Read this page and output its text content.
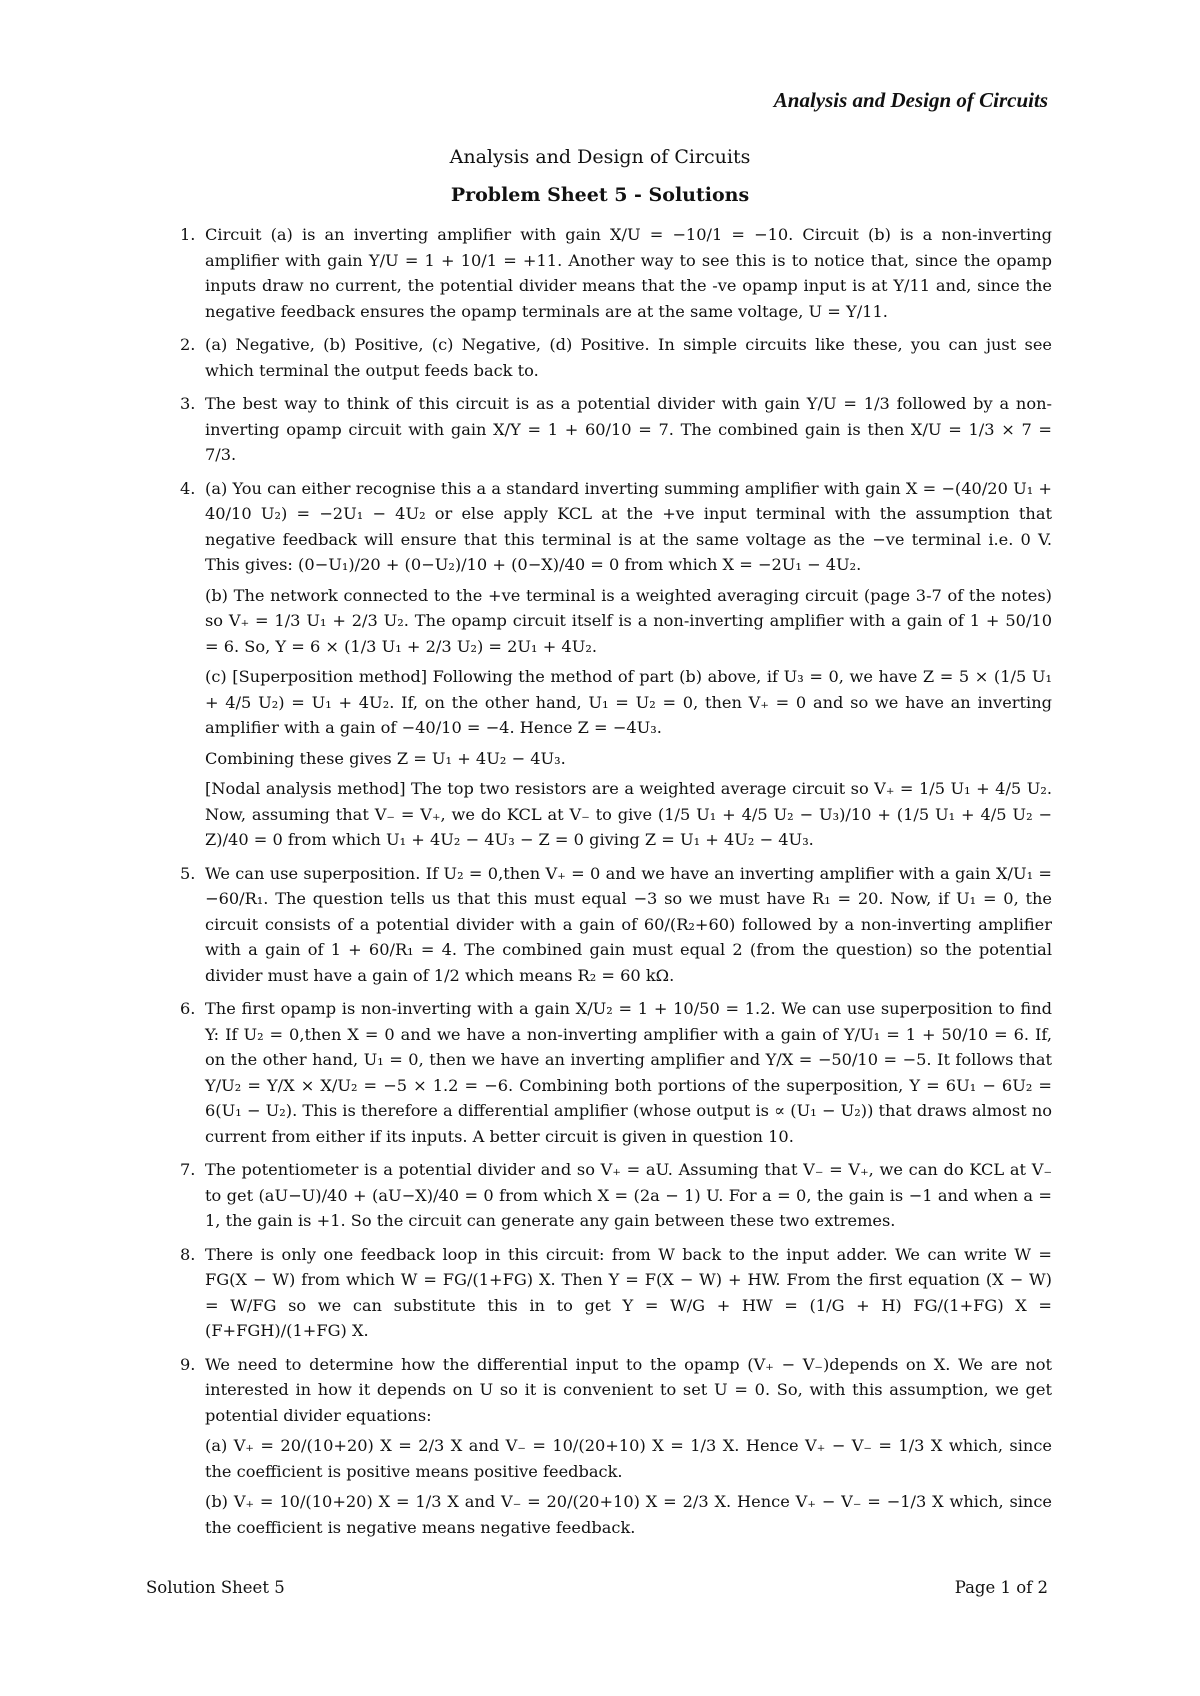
Analysis and Design of Circuits
Analysis and Design of Circuits
Problem Sheet 5 - Solutions
1. Circuit (a) is an inverting amplifier with gain X/U = −10/1 = −10. Circuit (b) is a non-inverting amplifier with gain Y/U = 1 + 10/1 = +11. Another way to see this is to notice that, since the opamp inputs draw no current, the potential divider means that the -ve opamp input is at Y/11 and, since the negative feedback ensures the opamp terminals are at the same voltage, U = Y/11.

2. (a) Negative, (b) Positive, (c) Negative, (d) Positive. In simple circuits like these, you can just see which terminal the output feeds back to.

3. The best way to think of this circuit is as a potential divider with gain Y/U = 1/3 followed by a non-inverting opamp circuit with gain X/Y = 1 + 60/10 = 7. The combined gain is then X/U = 1/3 × 7 = 7/3.

4. (a) You can either recognise this a a standard inverting summing amplifier with gain X = −(40/20 U₁ + 40/10 U₂) = −2U₁ − 4U₂ or else apply KCL at the +ve input terminal with the assumption that negative feedback will ensure that this terminal is at the same voltage as the −ve terminal i.e. 0 V. This gives: (0−U₁)/20 + (0−U₂)/10 + (0−X)/40 = 0 from which X = −2U₁ − 4U₂.

(b) The network connected to the +ve terminal is a weighted averaging circuit (page 3-7 of the notes) so V₊ = 1/3 U₁ + 2/3 U₂. The opamp circuit itself is a non-inverting amplifier with a gain of 1 + 50/10 = 6. So, Y = 6 × (1/3 U₁ + 2/3 U₂) = 2U₁ + 4U₂.

(c) [Superposition method] Following the method of part (b) above, if U₃ = 0, we have Z = 5 × (1/5 U₁ + 4/5 U₂) = U₁ + 4U₂. If, on the other hand, U₁ = U₂ = 0, then V₊ = 0 and so we have an inverting amplifier with a gain of −40/10 = −4. Hence Z = −4U₃.

Combining these gives Z = U₁ + 4U₂ − 4U₃.

[Nodal analysis method] The top two resistors are a weighted average circuit so V₊ = 1/5 U₁ + 4/5 U₂. Now, assuming that V₋ = V₊, we do KCL at V₋ to give (1/5 U₁ + 4/5 U₂ − U₃)/10 + (1/5 U₁ + 4/5 U₂ − Z)/40 = 0 from which U₁ + 4U₂ − 4U₃ − Z = 0 giving Z = U₁ + 4U₂ − 4U₃.

5. We can use superposition. If U₂ = 0,then V₊ = 0 and we have an inverting amplifier with a gain X/U₁ = −60/R₁. The question tells us that this must equal −3 so we must have R₁ = 20. Now, if U₁ = 0, the circuit consists of a potential divider with a gain of 60/(R₂+60) followed by a non-inverting amplifier with a gain of 1 + 60/R₁ = 4. The combined gain must equal 2 (from the question) so the potential divider must have a gain of 1/2 which means R₂ = 60 kΩ.

6. The first opamp is non-inverting with a gain X/U₂ = 1 + 10/50 = 1.2. We can use superposition to find Y: If U₂ = 0,then X = 0 and we have a non-inverting amplifier with a gain of Y/U₁ = 1 + 50/10 = 6. If, on the other hand, U₁ = 0, then we have an inverting amplifier and Y/X = −50/10 = −5. It follows that Y/U₂ = Y/X × X/U₂ = −5 × 1.2 = −6. Combining both portions of the superposition, Y = 6U₁ − 6U₂ = 6(U₁ − U₂). This is therefore a differential amplifier (whose output is ∝ (U₁ − U₂)) that draws almost no current from either if its inputs. A better circuit is given in question 10.

7. The potentiometer is a potential divider and so V₊ = aU. Assuming that V₋ = V₊, we can do KCL at V₋ to get (aU−U)/40 + (aU−X)/40 = 0 from which X = (2a − 1) U. For a = 0, the gain is −1 and when a = 1, the gain is +1. So the circuit can generate any gain between these two extremes.

8. There is only one feedback loop in this circuit: from W back to the input adder. We can write W = FG(X − W) from which W = FG/(1+FG) X. Then Y = F(X − W) + HW. From the first equation (X − W) = W/FG so we can substitute this in to get Y = W/G + HW = (1/G + H) FG/(1+FG) X = (F+FGH)/(1+FG) X.

9. We need to determine how the differential input to the opamp (V₊ − V₋)depends on X. We are not interested in how it depends on U so it is convenient to set U = 0. So, with this assumption, we get potential divider equations:

(a) V₊ = 20/(10+20) X = 2/3 X and V₋ = 10/(20+10) X = 1/3 X. Hence V₊ − V₋ = 1/3 X which, since the coefficient is positive means positive feedback.

(b) V₊ = 10/(10+20) X = 1/3 X and V₋ = 20/(20+10) X = 2/3 X. Hence V₊ − V₋ = −1/3 X which, since the coefficient is negative means negative feedback.

Solution Sheet 5	Page 1 of 2
